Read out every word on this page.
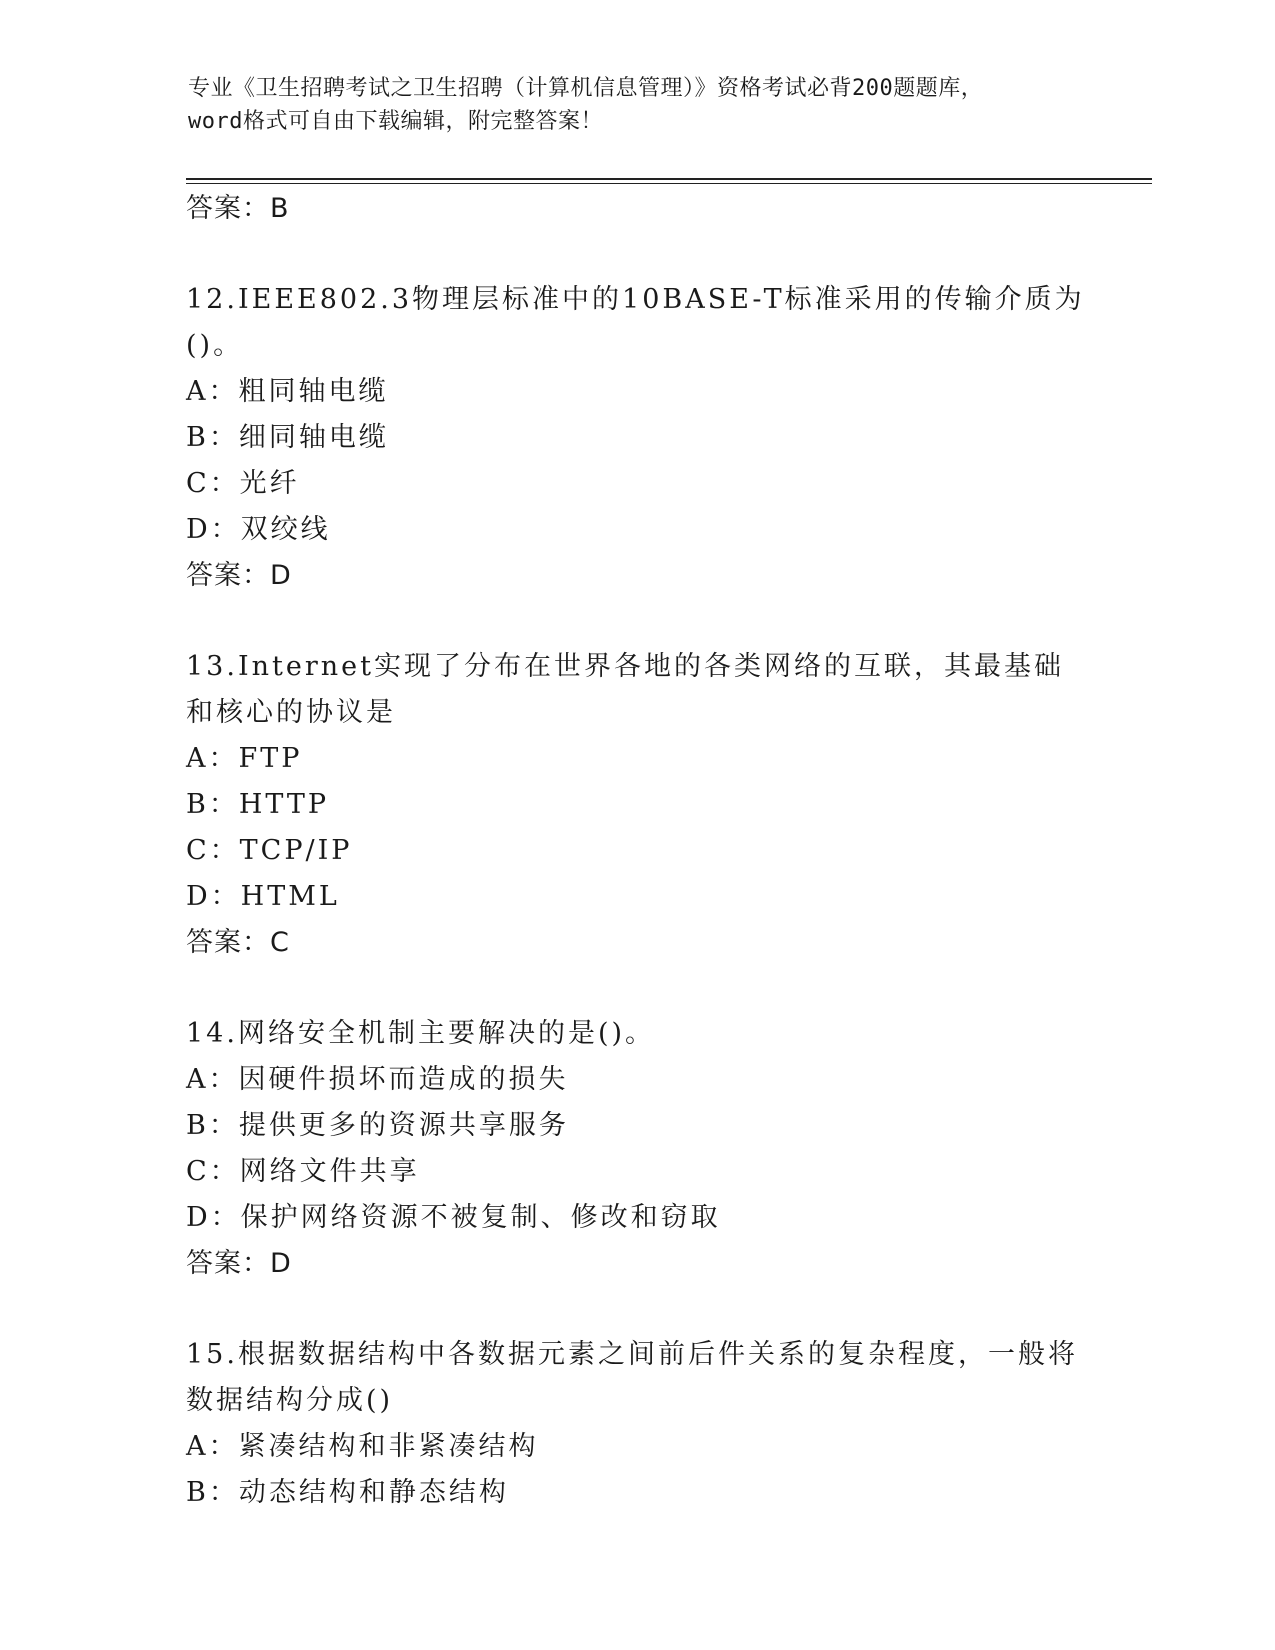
专业《卫生招聘考试之卫生招聘（计算机信息管理）》资格考试必背200题题库，
word格式可自由下载编辑，附完整答案！
答案：B
12.IEEE802.3物理层标准中的10BASE-T标准采用的传输介质为()。
A：粗同轴电缆
B：细同轴电缆
C：光纤
D：双绞线
答案：D
13.Internet实现了分布在世界各地的各类网络的互联，其最基础和核心的协议是
A：FTP
B：HTTP
C：TCP/IP
D：HTML
答案：C
14.网络安全机制主要解决的是()。
A：因硬件损坏而造成的损失
B：提供更多的资源共享服务
C：网络文件共享
D：保护网络资源不被复制、修改和窃取
答案：D
15.根据数据结构中各数据元素之间前后件关系的复杂程度，一般将数据结构分成()
A：紧凑结构和非紧凑结构
B：动态结构和静态结构
